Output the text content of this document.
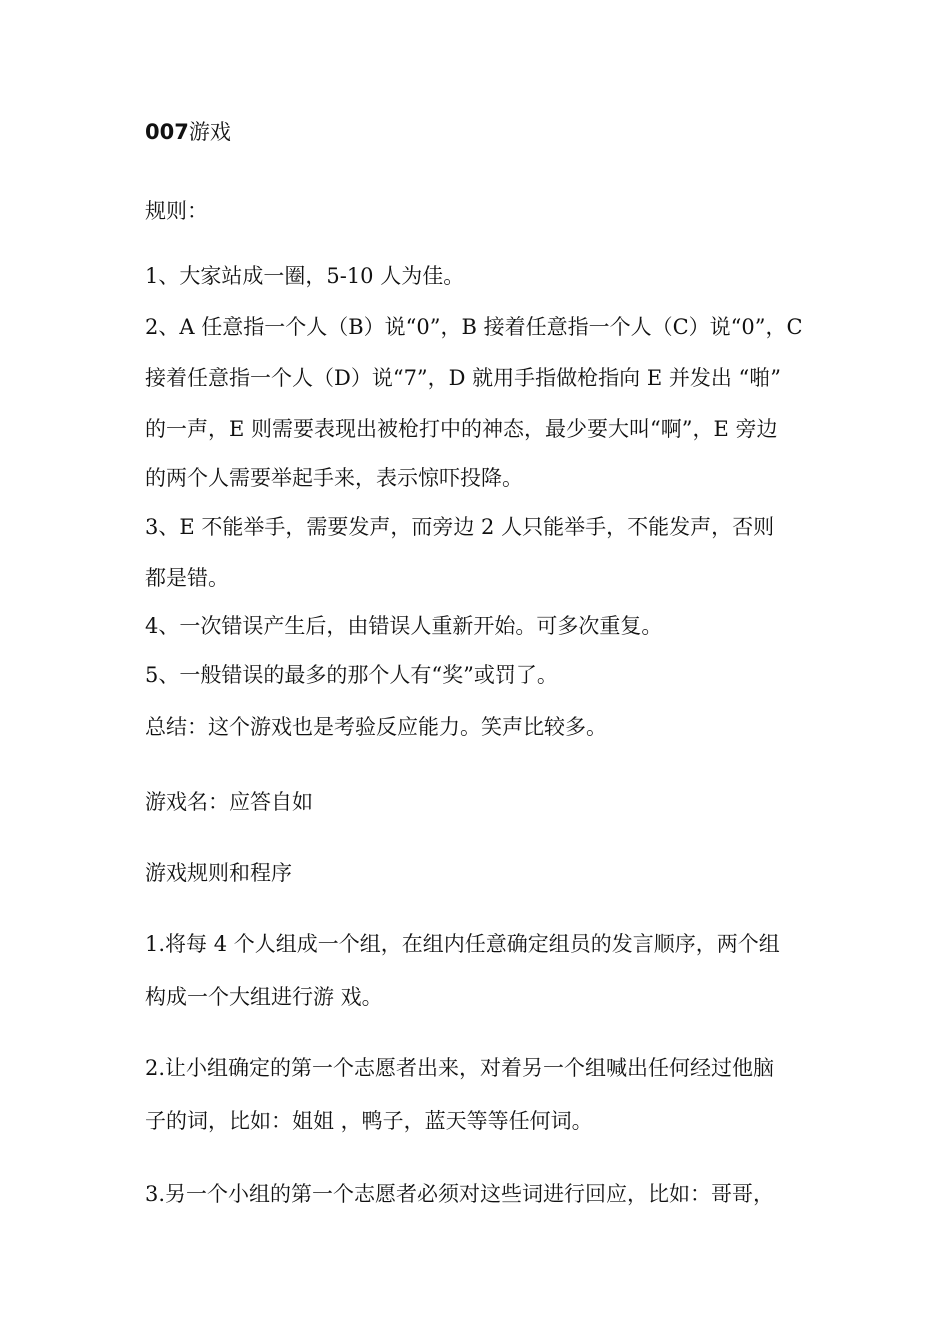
007游戏
规则：
1、大家站成一圈，5-10 人为佳。
2、A 任意指一个人（B）说“0”，B 接着任意指一个人（C）说“0”，C
接着任意指一个人（D）说“7”，D 就用手指做枪指向 E 并发出 “啪”
的一声，E 则需要表现出被枪打中的神态，最少要大叫“啊”，E 旁边
的两个人需要举起手来，表示惊吓投降。
3、E 不能举手，需要发声，而旁边 2 人只能举手，不能发声，否则
都是错。
4、一次错误产生后，由错误人重新开始。可多次重复。
5、一般错误的最多的那个人有“奖”或罚了。
总结：这个游戏也是考验反应能力。笑声比较多。
游戏名：应答自如
游戏规则和程序
1.将每 4 个人组成一个组，在组内任意确定组员的发言顺序，两个组
构成一个大组进行游 戏。
2.让小组确定的第一个志愿者出来，对着另一个组喊出任何经过他脑
子的词，比如：姐姐 ，鸭子，蓝天等等任何词。
3.另一个小组的第一个志愿者必须对这些词进行回应，比如：哥哥，
